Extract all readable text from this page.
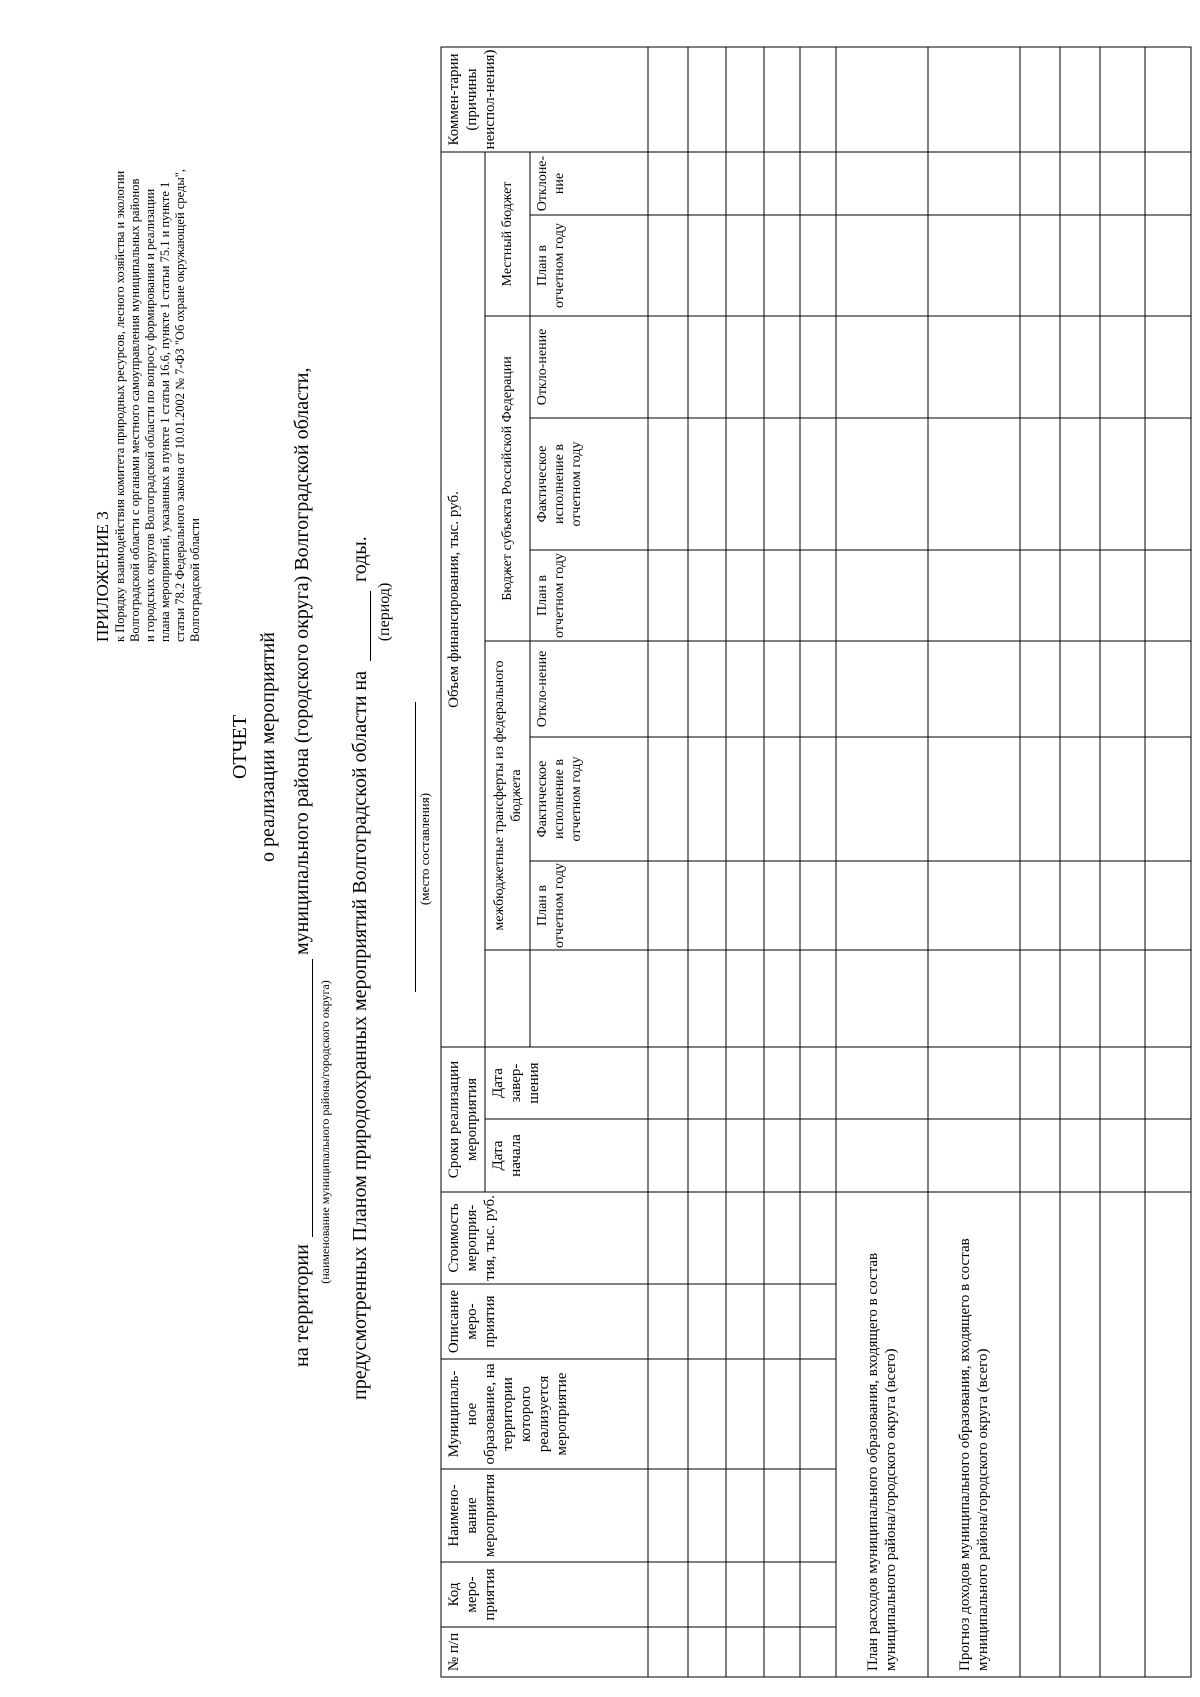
ПРИЛОЖЕНИЕ 3 к Порядку взаимодействия комитета природных ресурсов, лесного хозяйства и экологии Волгоградской области с органами местного самоуправления муниципальных районов и городских округов Волгоградской области по вопросу формирования и реализации плана мероприятий, указанных в пункте 1 статьи 16.6, пункте 1 статьи 75.1 и пункте 1 статьи 78.2 Федерального закона от 10.01.2002 № 7-ФЗ "Об охране окружающей среды", Волгоградской области
ОТЧЕТ о реализации мероприятий
на территории
муниципального района (городского округа) Волгоградской области,
(наименование муниципального района/городского округа) предусмотренных Планом природоохранных мероприятий Волгоградской области на
годы.
(период)
(место составления)
№ п/п
Код меро-приятия
Наимено-вание мероприятия
Муниципаль-ное образование, на территории которого реализуется мероприятие
Описание меро-приятия
Стоимость мероприя-тия, тыс. руб.
Сроки реализации мероприятия Дата начала
Дата завер-шения
Объем финансирования, тыс. руб.
межбюджетные трансферты из федерального бюджета
Бюджет субъекта Российской Федерации
Местный бюджет
План в отчетном году
Фактическое исполнение в отчетном году
Откло-нение
План в отчетном году
Фактическое исполнение в отчетном году
Откло-нение
План в отчетном году
Отклоне-ние
Коммен-тарии (причины неиспол-нения)
План расходов муниципального образования, входящего в состав муниципального района/городского округа (всего)	Прогноз доходов муниципального образования, входящего в состав муниципального района/городского округа (всего)
